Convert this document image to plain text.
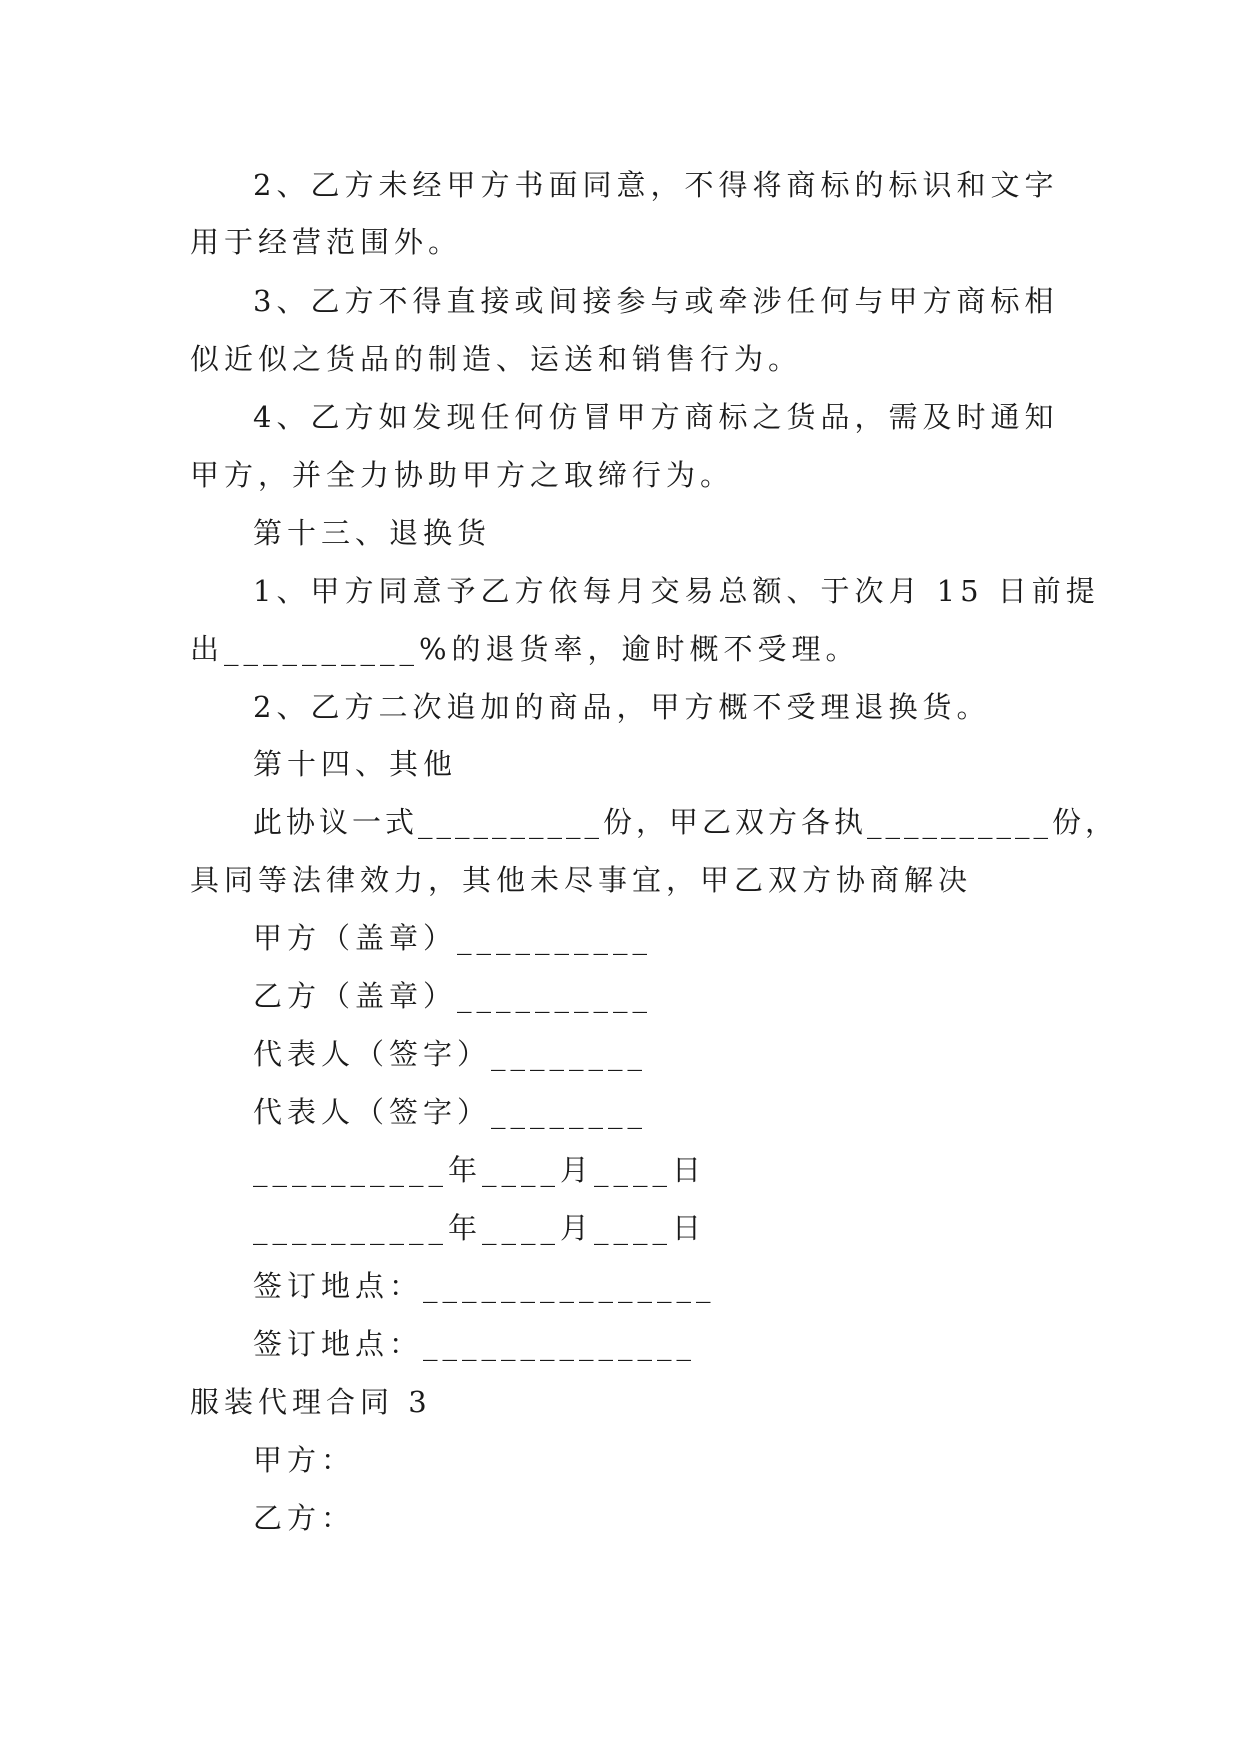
2、乙方未经甲方书面同意，不得将商标的标识和文字
用于经营范围外。
3、乙方不得直接或间接参与或牵涉任何与甲方商标相
似近似之货品的制造、运送和销售行为。
4、乙方如发现任何仿冒甲方商标之货品，需及时通知
甲方，并全力协助甲方之取缔行为。
第十三、退换货
1、甲方同意予乙方依每月交易总额、于次月 15 日前提
出__________%的退货率，逾时概不受理。
2、乙方二次追加的商品，甲方概不受理退换货。
第十四、其他
此协议一式__________份，甲乙双方各执__________份，
具同等法律效力，其他未尽事宜，甲乙双方协商解决
甲方（盖章）__________
乙方（盖章）__________
代表人（签字）________
代表人（签字）________
__________年____月____日
__________年____月____日
签订地点：_______________
签订地点：______________
服装代理合同 3
甲方：
乙方：
